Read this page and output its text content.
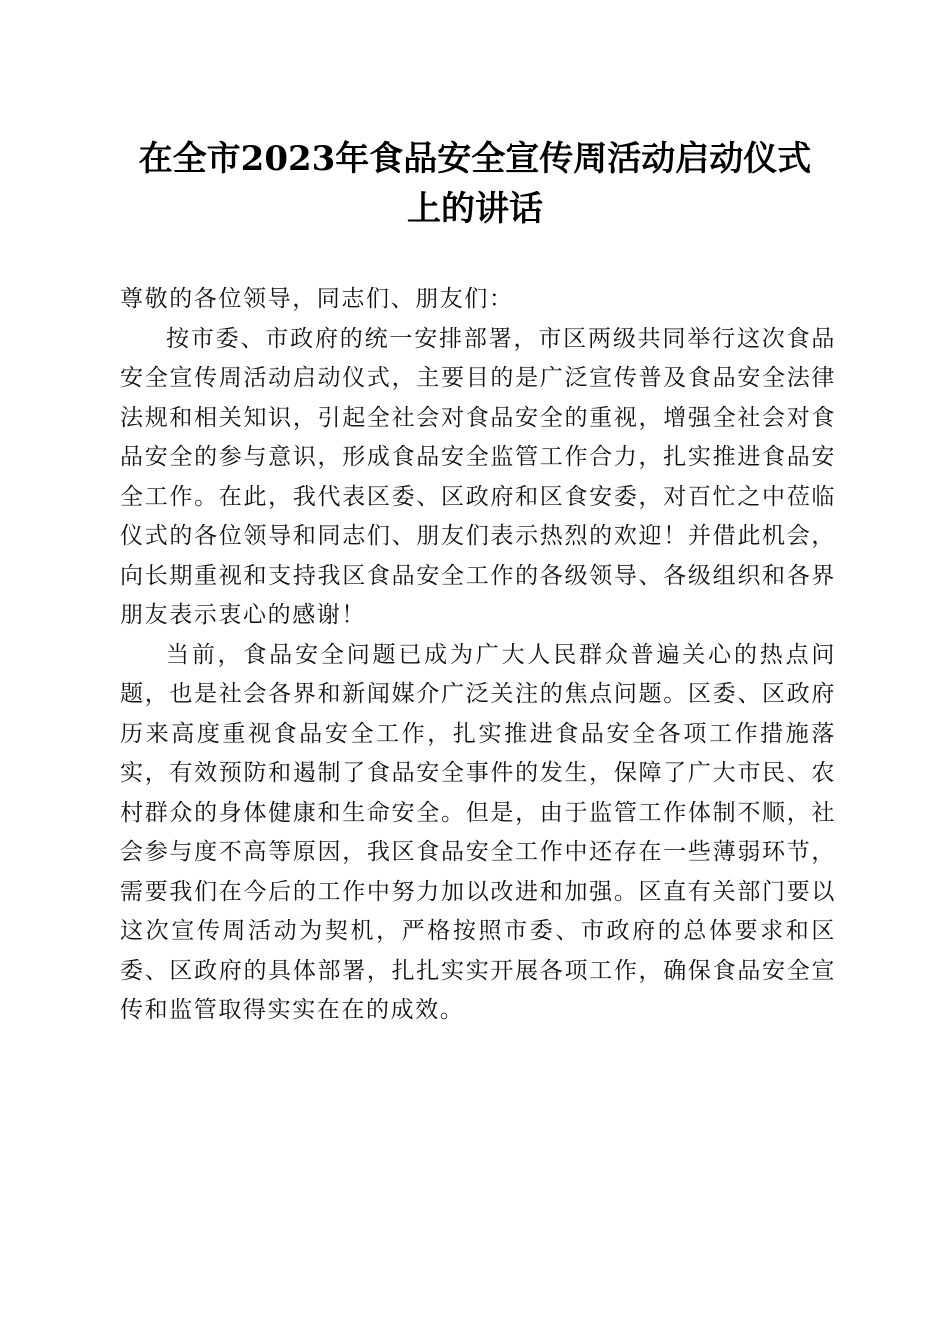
在全市2023年食品安全宣传周活动启动仪式
上的讲话

尊敬的各位领导，同志们、朋友们：

按市委、市政府的统一安排部署，市区两级共同举行这次食品安全宣传周活动启动仪式，主要目的是广泛宣传普及食品安全法律法规和相关知识，引起全社会对食品安全的重视，增强全社会对食品安全的参与意识，形成食品安全监管工作合力，扎实推进食品安全工作。在此，我代表区委、区政府和区食安委，对百忙之中莅临仪式的各位领导和同志们、朋友们表示热烈的欢迎！并借此机会，向长期重视和支持我区食品安全工作的各级领导、各级组织和各界朋友表示衷心的感谢！

当前，食品安全问题已成为广大人民群众普遍关心的热点问题，也是社会各界和新闻媒介广泛关注的焦点问题。区委、区政府历来高度重视食品安全工作，扎实推进食品安全各项工作措施落实，有效预防和遏制了食品安全事件的发生，保障了广大市民、农村群众的身体健康和生命安全。但是，由于监管工作体制不顺，社会参与度不高等原因，我区食品安全工作中还存在一些薄弱环节，需要我们在今后的工作中努力加以改进和加强。区直有关部门要以这次宣传周活动为契机，严格按照市委、市政府的总体要求和区委、区政府的具体部署，扎扎实实开展各项工作，确保食品安全宣传和监管取得实实在在的成效。
